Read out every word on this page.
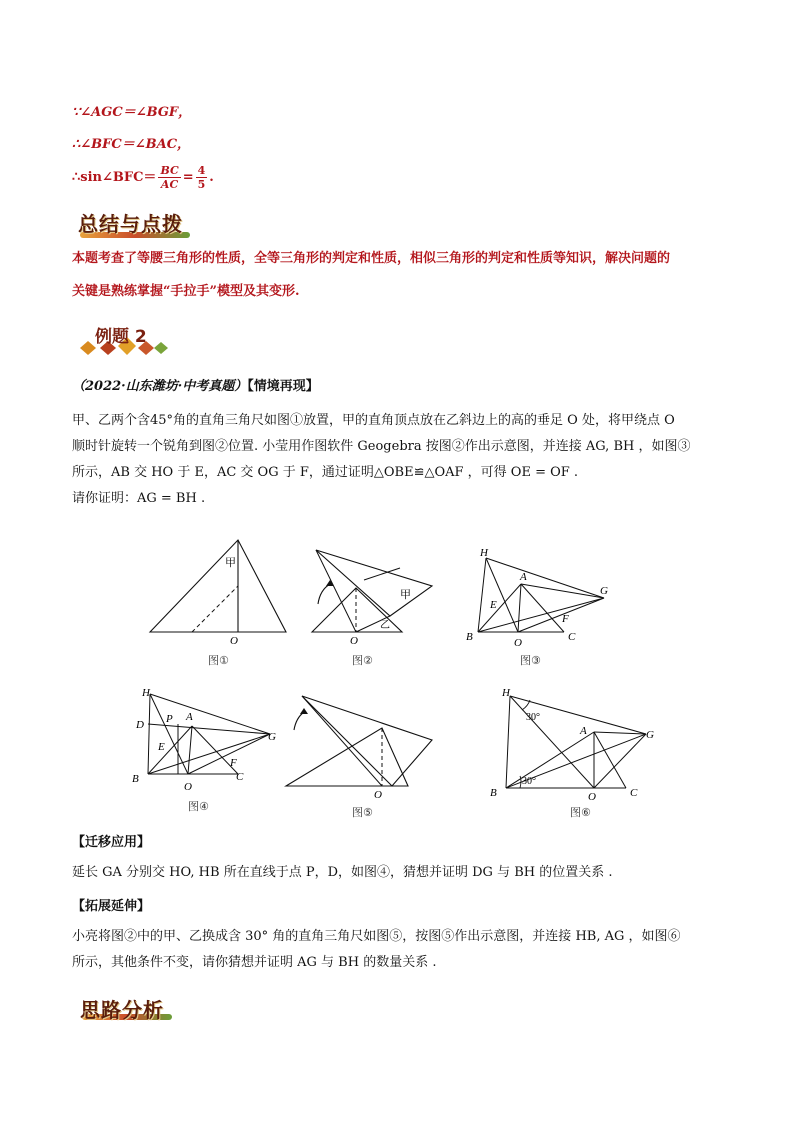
∵∠AGC＝∠BGF，
∴∠BFC＝∠BAC，
∴sin∠BFC＝ $\frac{BC}{AC} = \frac{4}{5}$ .
总结与点拨
本题考查了等腰三角形的性质，全等三角形的判定和性质，相似三角形的判定和性质等知识，解决问题的
关键是熟练掌握“手拉手”模型及其变形.
例题 2
（2022·山东潍坊·中考真题）【情境再现】
甲、乙两个含45°角的直角三角尺如图①放置，甲的直角顶点放在乙斜边上的高的垂足 O 处，将甲绕点 O
顺时针旋转一个锐角到图②位置. 小莹用作图软件 Geogebra 按图②作出示意图，并连接 AG, BH ，如图③
所示，AB 交 HO 于 E，AC 交 OG 于 F，通过证明△OBE≌△OAF ，可得 OE = OF .
请你证明：AG = BH .
甲
O
图①
甲
乙
O
图②
H
A
G
E
F
B	O	C
图③
H
D P A
G
E
F
B
O
C
图④
O
图⑤
H
30°
A	G
30°
B	O	C
图⑥
【迁移应用】
延长 GA 分别交 HO, HB 所在直线于点 P，D，如图④，猜想并证明 DG 与 BH 的位置关系 .
【拓展延伸】
小亮将图②中的甲、乙换成含 30° 角的直角三角尺如图⑤，按图⑤作出示意图，并连接 HB, AG ，如图⑥
所示，其他条件不变，请你猜想并证明 AG 与 BH 的数量关系 .
思路分析
